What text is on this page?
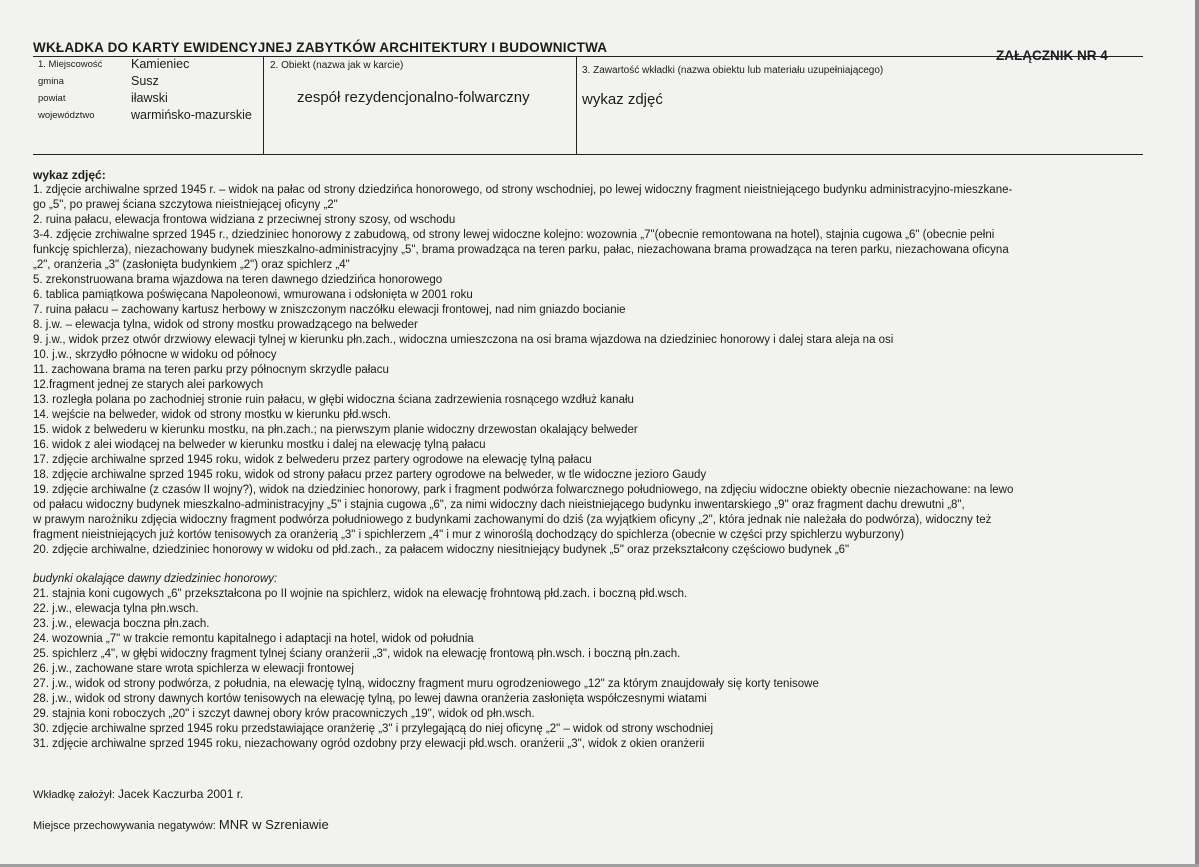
WKŁADKA DO KARTY EWIDENCYJNEJ ZABYTKÓW ARCHITEKTURY I BUDOWNICTWA
ZAŁĄCZNIK NR 4
1. Miejscowość	Kamieniec
gmina	Susz
powiat	iławski
województwo	warmińsko-mazurskie
2. Obiekt (nazwa jak w karcie)
zespół rezydencjonalno-folwarczny
3. Zawartość wkładki (nazwa obiektu lub materiału uzupełniającego)
wykaz zdjęć
wykaz zdjęć:
1. zdjęcie archiwalne sprzed 1945 r. – widok na pałac od strony dziedzińca honorowego, od strony wschodniej, po lewej widoczny fragment nieistniejącego budynku administracyjno-mieszkane-
go „5", po prawej ściana szczytowa nieistniejącej oficyny „2"
2. ruina pałacu, elewacja frontowa widziana z przeciwnej strony szosy, od wschodu
3-4. zdjęcie zrchiwalne sprzed 1945 r., dziedziniec honorowy z zabudową, od strony lewej widoczne kolejno: wozownia „7"(obecnie remontowana na hotel), stajnia cugowa „6" (obecnie pełni
funkcję spichlerza), niezachowany budynek mieszkalno-administracyjny „5", brama prowadząca na teren parku, pałac, niezachowana brama prowadząca na teren parku, niezachowana oficyna
„2", oranżeria „3" (zasłonięta budynkiem „2") oraz spichlerz „4"
5. zrekonstruowana brama wjazdowa na teren dawnego dziedzińca honorowego
6. tablica pamiątkowa poświęcana Napoleonowi, wmurowana i odsłonięta w 2001 roku
7. ruina pałacu – zachowany kartusz herbowy w zniszczonym naczółku elewacji frontowej, nad nim gniazdo bocianie
8. j.w. – elewacja tylna, widok od strony mostku prowadzącego na belweder
9. j.w., widok przez otwór drzwiowy elewacji tylnej w kierunku płn.zach., widoczna umieszczona na osi brama wjazdowa na dziedziniec honorowy i dalej stara aleja na osi
10. j.w., skrzydło północne w widoku od północy
11. zachowana brama na teren parku przy północnym skrzydle pałacu
12.fragment jednej ze starych alei parkowych
13. rozległa polana po zachodniej stronie ruin pałacu, w głębi widoczna ściana zadrzewienia rosnącego wzdłuż kanału
14. wejście na belweder, widok od strony mostku w kierunku płd.wsch.
15. widok z belwederu w kierunku mostku, na płn.zach.; na pierwszym planie widoczny drzewostan okalający belweder
16. widok z alei wiodącej na belweder w kierunku mostku i dalej na elewację tylną pałacu
17. zdjęcie archiwalne sprzed 1945 roku, widok z belwederu przez partery ogrodowe na elewację tylną pałacu
18. zdjęcie archiwalne sprzed 1945 roku, widok od strony pałacu przez partery ogrodowe na belweder, w tle widoczne jezioro Gaudy
19. zdjęcie archiwalne (z czasów II wojny?), widok na dziedziniec honorowy, park i fragment podwórza folwarcznego południowego, na zdjęciu widoczne obiekty obecnie niezachowane: na lewo
od pałacu widoczny budynek mieszkalno-administracyjny „5" i stajnia cugowa „6", za nimi widoczny dach nieistniejącego budynku inwentarskiego „9" oraz fragment dachu drewutni „8",
w prawym narożniku zdjęcia widoczny fragment podwórza południowego z budynkami zachowanymi do dziś (za wyjątkiem oficyny „2", która jednak nie należała do podwórza), widoczny też
fragment nieistniejących już kortów tenisowych za oranżerią „3" i spichlerzem „4" i mur z winoroślą dochodzący do spichlerza (obecnie w części przy spichlerzu wyburzony)
20. zdjęcie archiwalne, dziedziniec honorowy w widoku od płd.zach., za pałacem widoczny niesitniejący budynek „5" oraz przekształcony częściowo budynek „6"
budynki okalające dawny dziedziniec honorowy:
21. stajnia koni cugowych „6" przekształcona po II wojnie na spichlerz, widok na elewację frohntową płd.zach. i boczną płd.wsch.
22. j.w., elewacja tylna płn.wsch.
23. j.w., elewacja boczna płn.zach.
24. wozownia „7" w trakcie remontu kapitalnego i adaptacji na hotel, widok od południa
25. spichlerz „4", w głębi widoczny fragment tylnej ściany oranżerii „3", widok na elewację frontową płn.wsch. i boczną płn.zach.
26. j.w., zachowane stare wrota spichlerza w elewacji frontowej
27. j.w., widok od strony podwórza, z południa, na elewację tylną, widoczny fragment muru ogrodzeniowego „12" za którym znaujdowały się korty tenisowe
28. j.w., widok od strony dawnych kortów tenisowych na elewację tylną, po lewej dawna oranżeria zasłonięta współczesnymi wiatami
29. stajnia koni roboczych „20" i szczyt dawnej obory krów pracowniczych „19", widok od płn.wsch.
30. zdjęcie archiwalne sprzed 1945 roku przedstawiające oranżerię „3" i przylegającą do niej oficynę „2" – widok od strony wschodniej
31. zdjęcie archiwalne sprzed 1945 roku, niezachowany ogród ozdobny przy elewacji płd.wsch. oranżerii „3", widok z okien oranżerii
Wkładkę założył: Jacek Kaczurba 2001 r.
Miejsce przechowywania negatywów: MNR w Szreniawie
